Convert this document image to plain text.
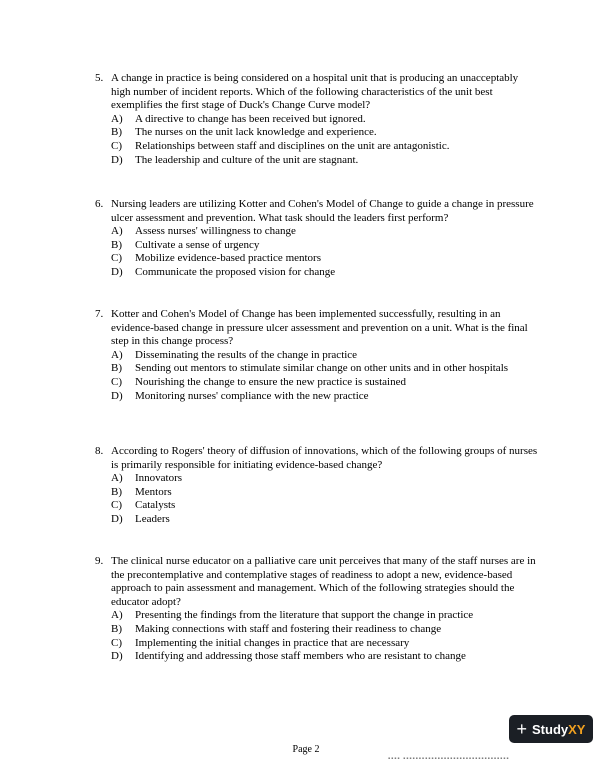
5. A change in practice is being considered on a hospital unit that is producing an unacceptably high number of incident reports. Which of the following characteristics of the unit best exemplifies the first stage of Duck's Change Curve model?
A)	A directive to change has been received but ignored.
B)	The nurses on the unit lack knowledge and experience.
C)	Relationships between staff and disciplines on the unit are antagonistic.
D)	The leadership and culture of the unit are stagnant.
6. Nursing leaders are utilizing Kotter and Cohen's Model of Change to guide a change in pressure ulcer assessment and prevention. What task should the leaders first perform?
A)	Assess nurses' willingness to change
B)	Cultivate a sense of urgency
C)	Mobilize evidence-based practice mentors
D)	Communicate the proposed vision for change
7. Kotter and Cohen's Model of Change has been implemented successfully, resulting in an evidence-based change in pressure ulcer assessment and prevention on a unit. What is the final step in this change process?
A)	Disseminating the results of the change in practice
B)	Sending out mentors to stimulate similar change on other units and in other hospitals
C)	Nourishing the change to ensure the new practice is sustained
D)	Monitoring nurses' compliance with the new practice
8. According to Rogers' theory of diffusion of innovations, which of the following groups of nurses is primarily responsible for initiating evidence-based change?
A)	Innovators
B)	Mentors
C)	Catalysts
D)	Leaders
9. The clinical nurse educator on a palliative care unit perceives that many of the staff nurses are in the precontemplative and contemplative stages of readiness to adopt a new, evidence-based approach to pain assessment and management. Which of the following strategies should the educator adopt?
A)	Presenting the findings from the literature that support the change in practice
B)	Making connections with staff and fostering their readiness to change
C)	Implementing the initial changes in practice that are necessary
D)	Identifying and addressing those staff members who are resistant to change
+ StudyXY
Page 2
▪▪▪▪ ▪▪▪▪▪▪▪▪▪▪▪▪▪▪▪▪▪▪▪▪▪▪▪▪▪▪▪▪▪▪▪▪▪▪
